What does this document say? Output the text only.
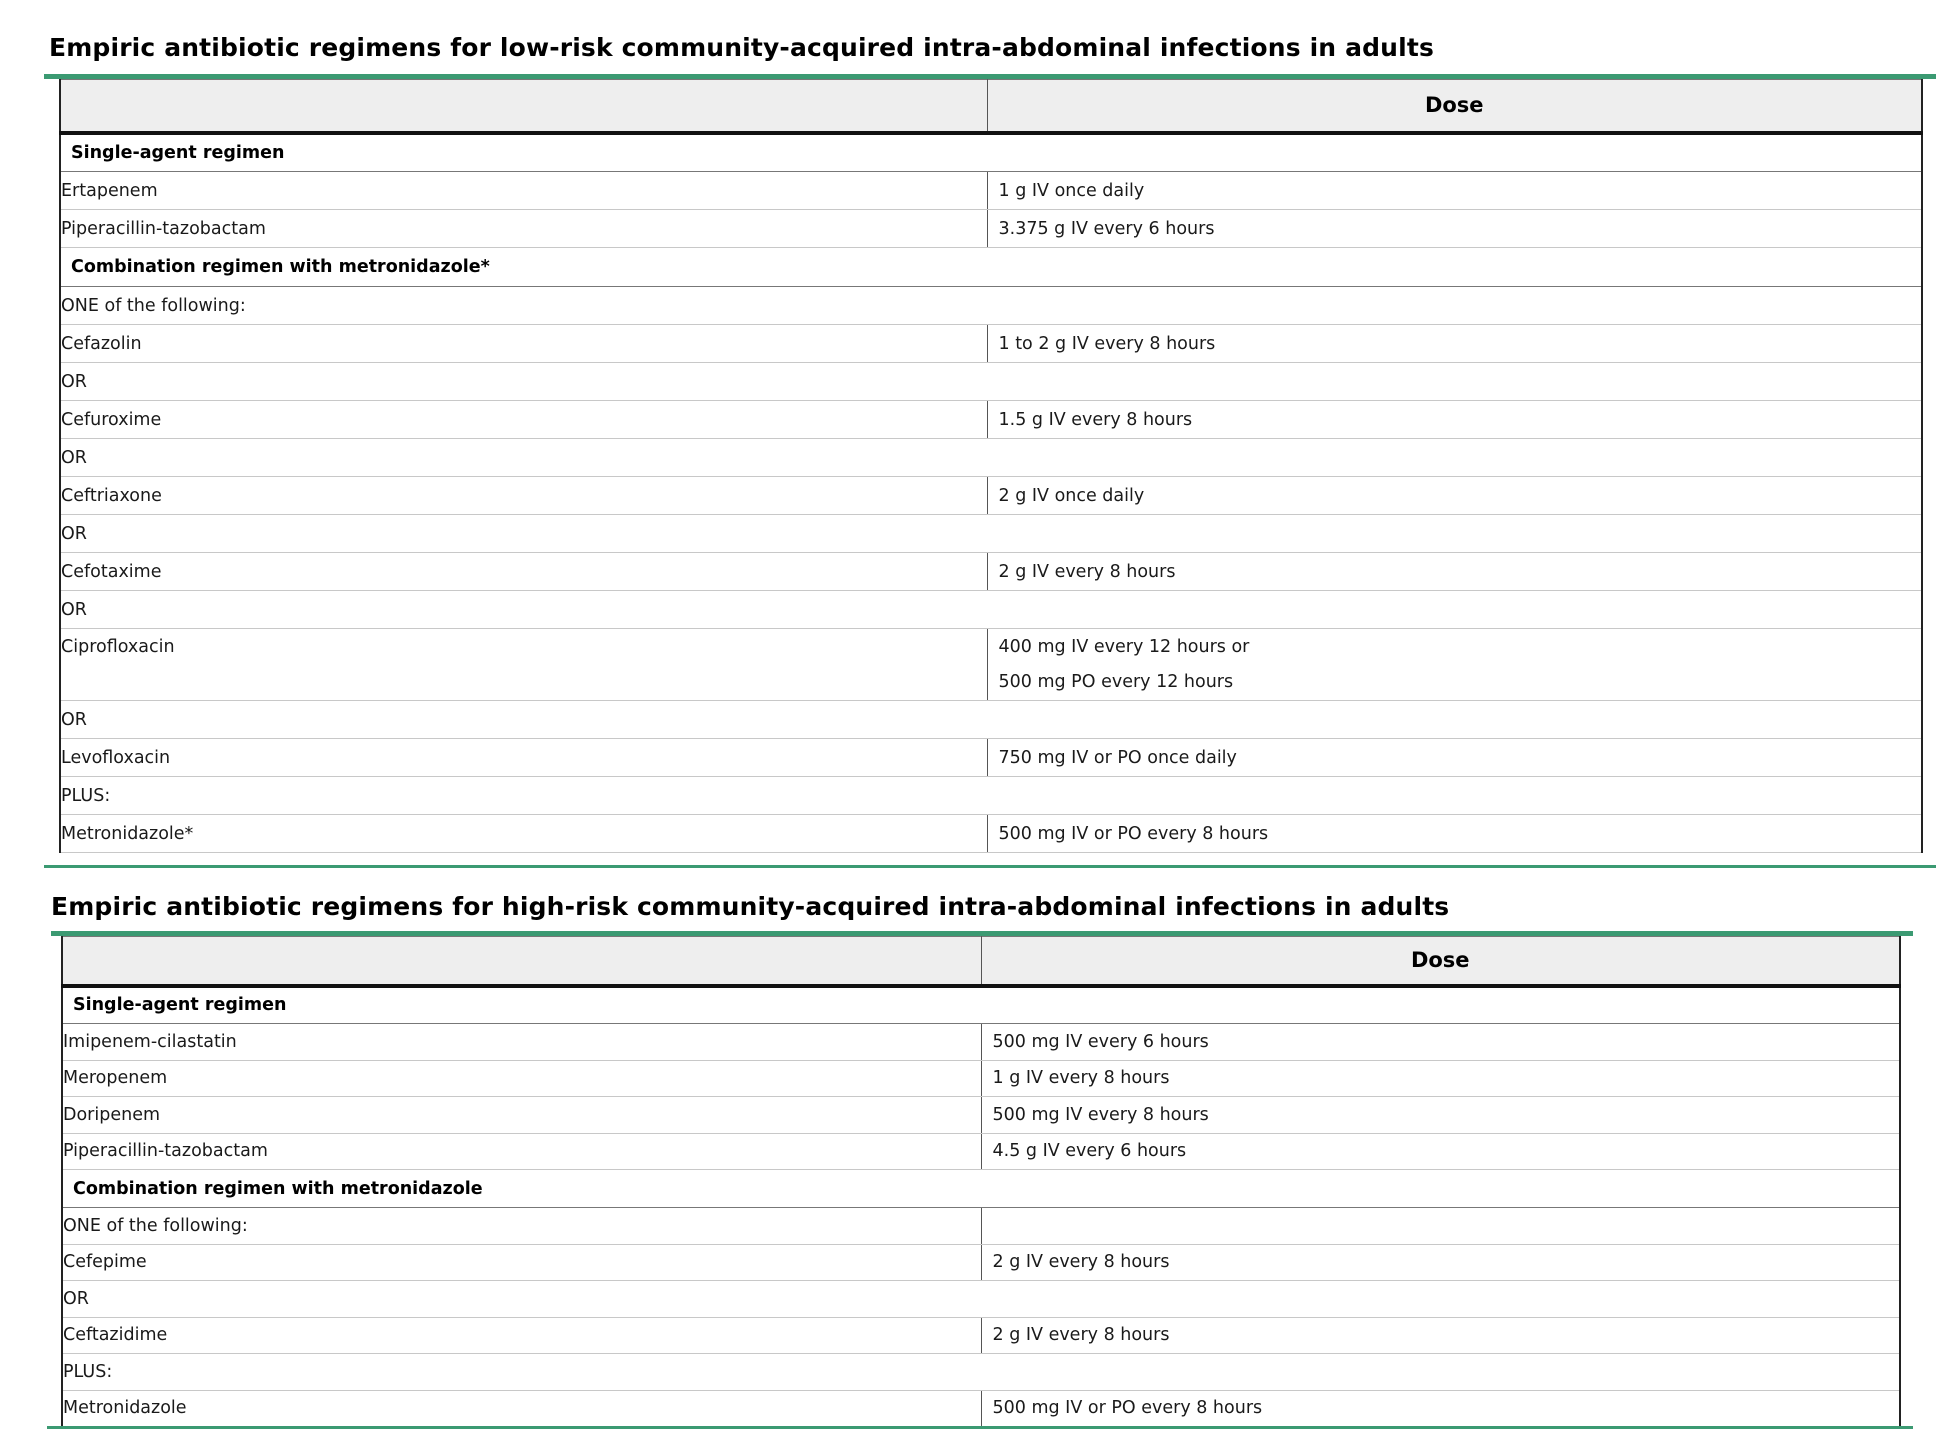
Empiric antibiotic regimens for low-risk community-acquired intra-abdominal infections in adults
	Dose
Single-agent regimen	
Ertapenem	1 g IV once daily

Piperacillin-tazobactam	3.375 g IV every 6 hours

Combination regimen with metronidazole*	
ONE of the following:	
Cefazolin	1 to 2 g IV every 8 hours

OR	
Cefuroxime	1.5 g IV every 8 hours

OR	
Ceftriaxone	2 g IV once daily

OR	
Cefotaxime	2 g IV every 8 hours

OR	
Ciprofloxacin	400 mg IV every 12 hours or
500 mg PO every 12 hours

OR	
Levofloxacin	750 mg IV or PO once daily

PLUS:	
Metronidazole*	500 mg IV or PO every 8 hours
Empiric antibiotic regimens for high-risk community-acquired intra-abdominal infections in adults
	Dose
Single-agent regimen	
Imipenem-cilastatin	500 mg IV every 6 hours

Meropenem	1 g IV every 8 hours

Doripenem	500 mg IV every 8 hours

Piperacillin-tazobactam	4.5 g IV every 6 hours

Combination regimen with metronidazole	
ONE of the following:	
Cefepime	2 g IV every 8 hours

OR	
Ceftazidime	2 g IV every 8 hours

PLUS:	
Metronidazole	500 mg IV or PO every 8 hours
